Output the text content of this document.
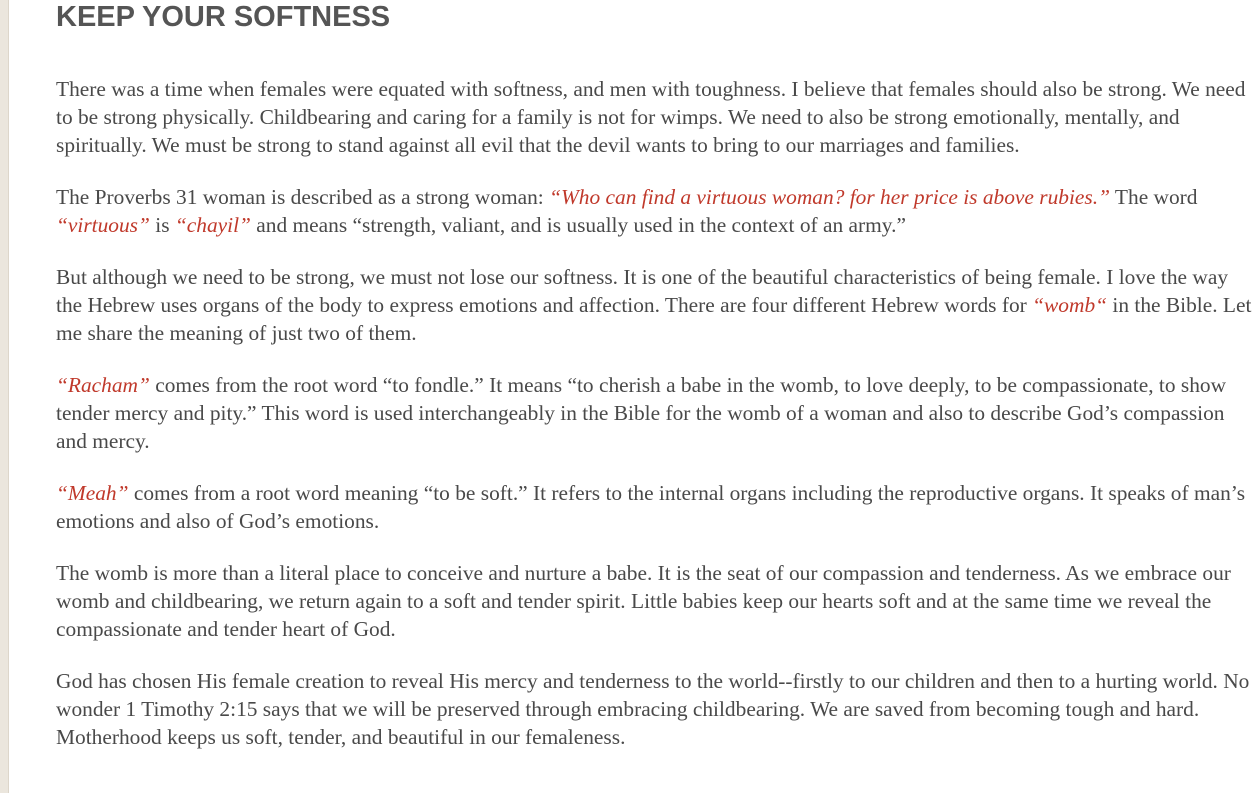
KEEP YOUR SOFTNESS

There was a time when females were equated with softness, and men with toughness. I believe that females should also be strong. We need to be strong physically. Childbearing and caring for a family is not for wimps. We need to also be strong emotionally, mentally, and spiritually. We must be strong to stand against all evil that the devil wants to bring to our marriages and families.

The Proverbs 31 woman is described as a strong woman: “Who can find a virtuous woman? for her price is above rubies.” The word “virtuous” is “chayil” and means “strength, valiant, and is usually used in the context of an army.”

But although we need to be strong, we must not lose our softness. It is one of the beautiful characteristics of being female. I love the way the Hebrew uses organs of the body to express emotions and affection. There are four different Hebrew words for “womb“ in the Bible. Let me share the meaning of just two of them.

“Racham” comes from the root word “to fondle.” It means “to cherish a babe in the womb, to love deeply, to be compassionate, to show tender mercy and pity.” This word is used interchangeably in the Bible for the womb of a woman and also to describe God’s compassion and mercy.

“Meah” comes from a root word meaning “to be soft.” It refers to the internal organs including the reproductive organs. It speaks of man’s emotions and also of God’s emotions.

The womb is more than a literal place to conceive and nurture a babe. It is the seat of our compassion and tenderness. As we embrace our womb and childbearing, we return again to a soft and tender spirit. Little babies keep our hearts soft and at the same time we reveal the compassionate and tender heart of God.

God has chosen His female creation to reveal His mercy and tenderness to the world--firstly to our children and then to a hurting world. No wonder 1 Timothy 2:15 says that we will be preserved through embracing childbearing. We are saved from becoming tough and hard. Motherhood keeps us soft, tender, and beautiful in our femaleness.
